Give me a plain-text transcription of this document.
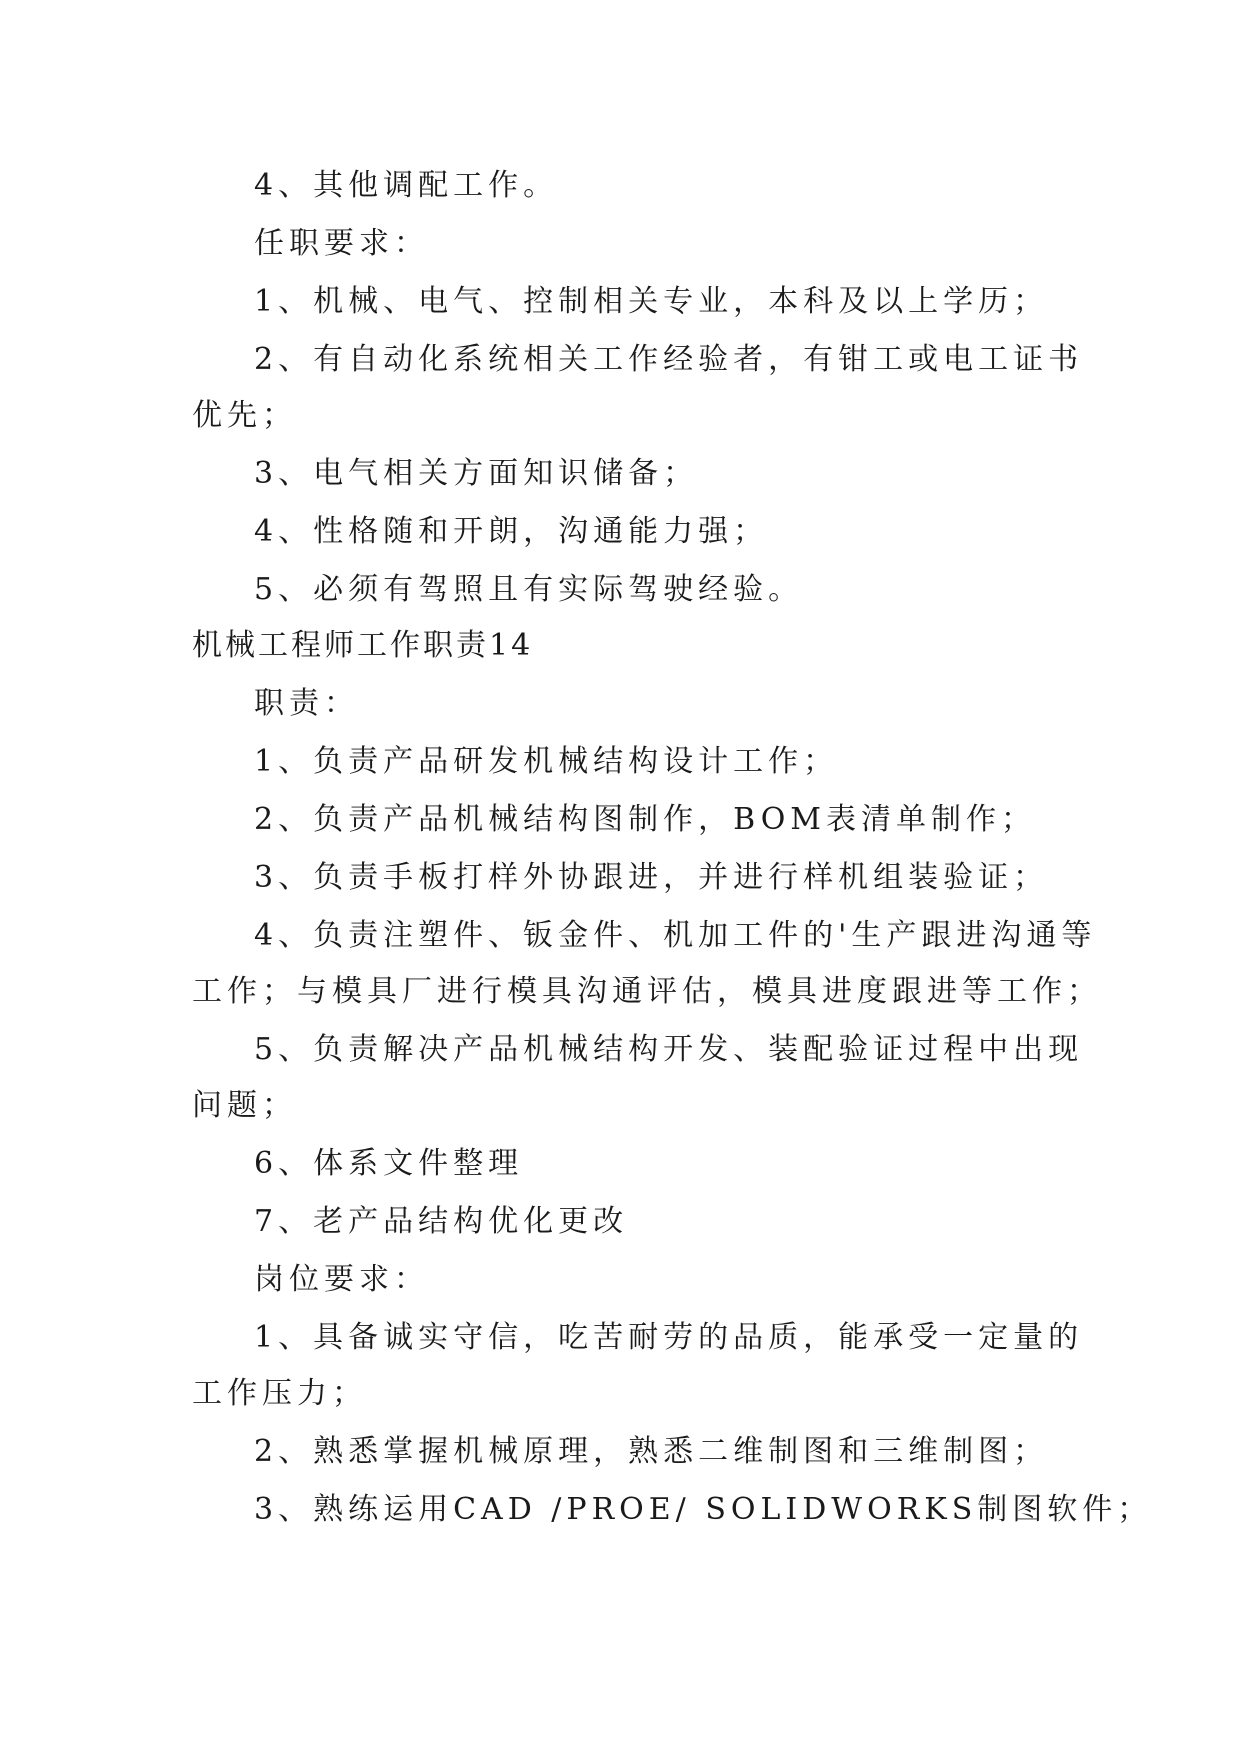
4、其他调配工作。
任职要求：
1、机械、电气、控制相关专业，本科及以上学历；
2、有自动化系统相关工作经验者，有钳工或电工证书
优先；
3、电气相关方面知识储备；
4、性格随和开朗，沟通能力强；
5、必须有驾照且有实际驾驶经验。
机械工程师工作职责14
职责：
1、负责产品研发机械结构设计工作；
2、负责产品机械结构图制作，BOM表清单制作；
3、负责手板打样外协跟进，并进行样机组装验证；
4、负责注塑件、钣金件、机加工件的'生产跟进沟通等
工作；与模具厂进行模具沟通评估，模具进度跟进等工作；
5、负责解决产品机械结构开发、装配验证过程中出现
问题；
6、体系文件整理
7、老产品结构优化更改
岗位要求：
1、具备诚实守信，吃苦耐劳的品质，能承受一定量的
工作压力；
2、熟悉掌握机械原理，熟悉二维制图和三维制图；
3、熟练运用CAD /PROE/ SOLIDWORKS制图软件；
